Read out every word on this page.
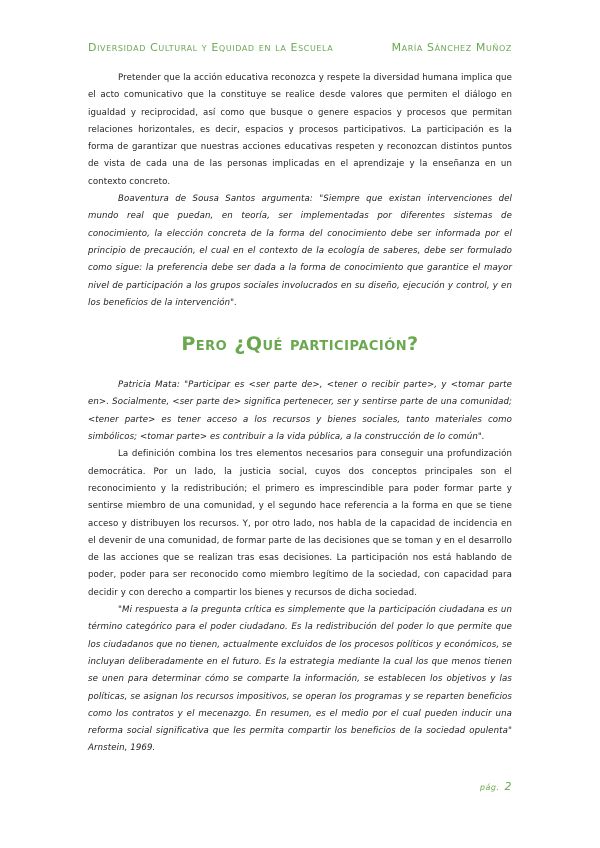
Diversidad Cultural y Equidad en la Escuela	María Sánchez Muñoz

Pretender que la acción educativa reconozca y respete la diversidad humana implica que el acto comunicativo que la constituye se realice desde valores que permiten el diálogo en igualdad y reciprocidad, así como que busque o genere espacios y procesos que permitan relaciones horizontales, es decir, espacios y procesos participativos. La participación es la forma de garantizar que nuestras acciones educativas respeten y reconozcan distintos puntos de vista de cada una de las personas implicadas en el aprendizaje y la enseñanza en un contexto concreto.

Boaventura de Sousa Santos argumenta: "Siempre que existan intervenciones del mundo real que puedan, en teoría, ser implementadas por diferentes sistemas de conocimiento, la elección concreta de la forma del conocimiento debe ser informada por el principio de precaución, el cual en el contexto de la ecología de saberes, debe ser formulado como sigue: la preferencia debe ser dada a la forma de conocimiento que garantice el mayor nivel de participación a los grupos sociales involucrados en su diseño, ejecución y control, y en los beneficios de la intervención".

Pero ¿Qué participación?

Patricia Mata: "Participar es <ser parte de>, <tener o recibir parte>, y <tomar parte en>. Socialmente, <ser parte de> significa pertenecer, ser y sentirse parte de una comunidad; <tener parte> es tener acceso a los recursos y bienes sociales, tanto materiales como simbólicos; <tomar parte> es contribuir a la vida pública, a la construcción de lo común".

La definición combina los tres elementos necesarios para conseguir una profundización democrática. Por un lado, la justicia social, cuyos dos conceptos principales son el reconocimiento y la redistribución; el primero es imprescindible para poder formar parte y sentirse miembro de una comunidad, y el segundo hace referencia a la forma en que se tiene acceso y distribuyen los recursos. Y, por otro lado, nos habla de la capacidad de incidencia en el devenir de una comunidad, de formar parte de las decisiones que se toman y en el desarrollo de las acciones que se realizan tras esas decisiones. La participación nos está hablando de poder, poder para ser reconocido como miembro legítimo de la sociedad, con capacidad para decidir y con derecho a compartir los bienes y recursos de dicha sociedad.

"Mi respuesta a la pregunta crítica es simplemente que la participación ciudadana es un término categórico para el poder ciudadano. Es la redistribución del poder lo que permite que los ciudadanos que no tienen, actualmente excluidos de los procesos políticos y económicos, se incluyan deliberadamente en el futuro. Es la estrategia mediante la cual los que menos tienen se unen para determinar cómo se comparte la información, se establecen los objetivos y las políticas, se asignan los recursos impositivos, se operan los programas y se reparten beneficios como los contratos y el mecenazgo. En resumen, es el medio por el cual pueden inducir una reforma social significativa que les permita compartir los beneficios de la sociedad opulenta" Arnstein, 1969.

pág. 2
